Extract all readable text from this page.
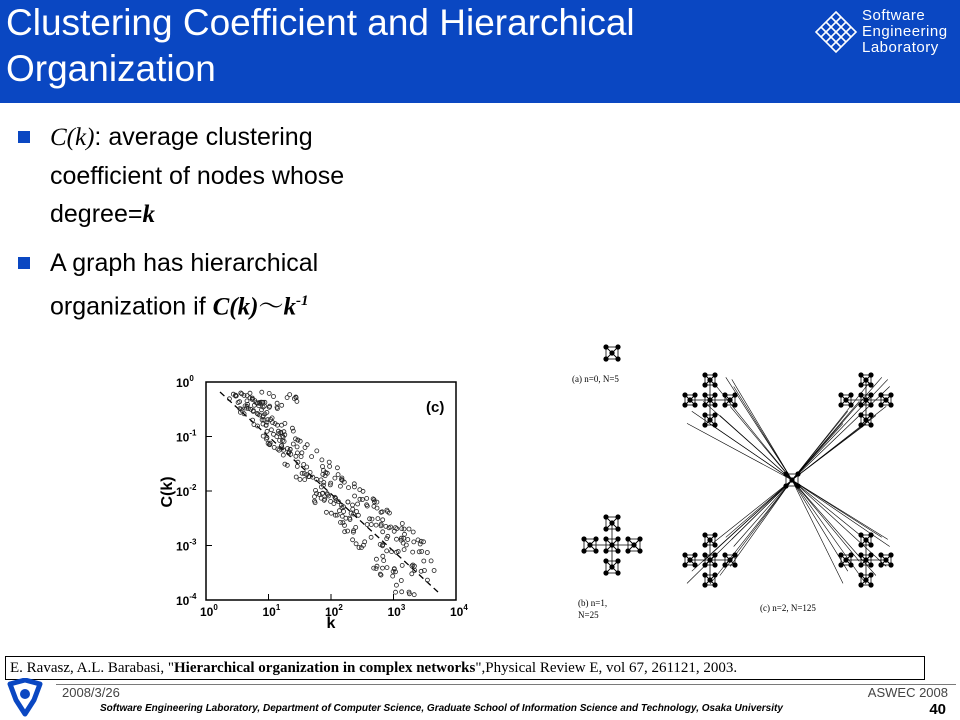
Clustering Coefficient and Hierarchical
Organization
Software
Engineering
Laboratory
C(k): average clustering
coefficient of nodes whose
degree=k
A graph has hierarchical
organization if $C(k)\sim k^{-1}$
$10^0$	$10^1$	$10^2$	$10^3$	$10^4$
$10^0$
$10^{-1}$
$10^{-2}$
$10^{-3}$
$10^{-4}$
(c)
k
C(k)
(a) n=0, N=5
(b) n=1,
N=25
(c) n=2, N=125
E. Ravasz, A.L. Barabasi, "Hierarchical organization in complex networks",Physical Review E, vol 67, 261121, 2003.
2008/3/26	ASWEC 2008
Software Engineering Laboratory, Department of Computer Science, Graduate School of Information Science and Technology, Osaka University	40
